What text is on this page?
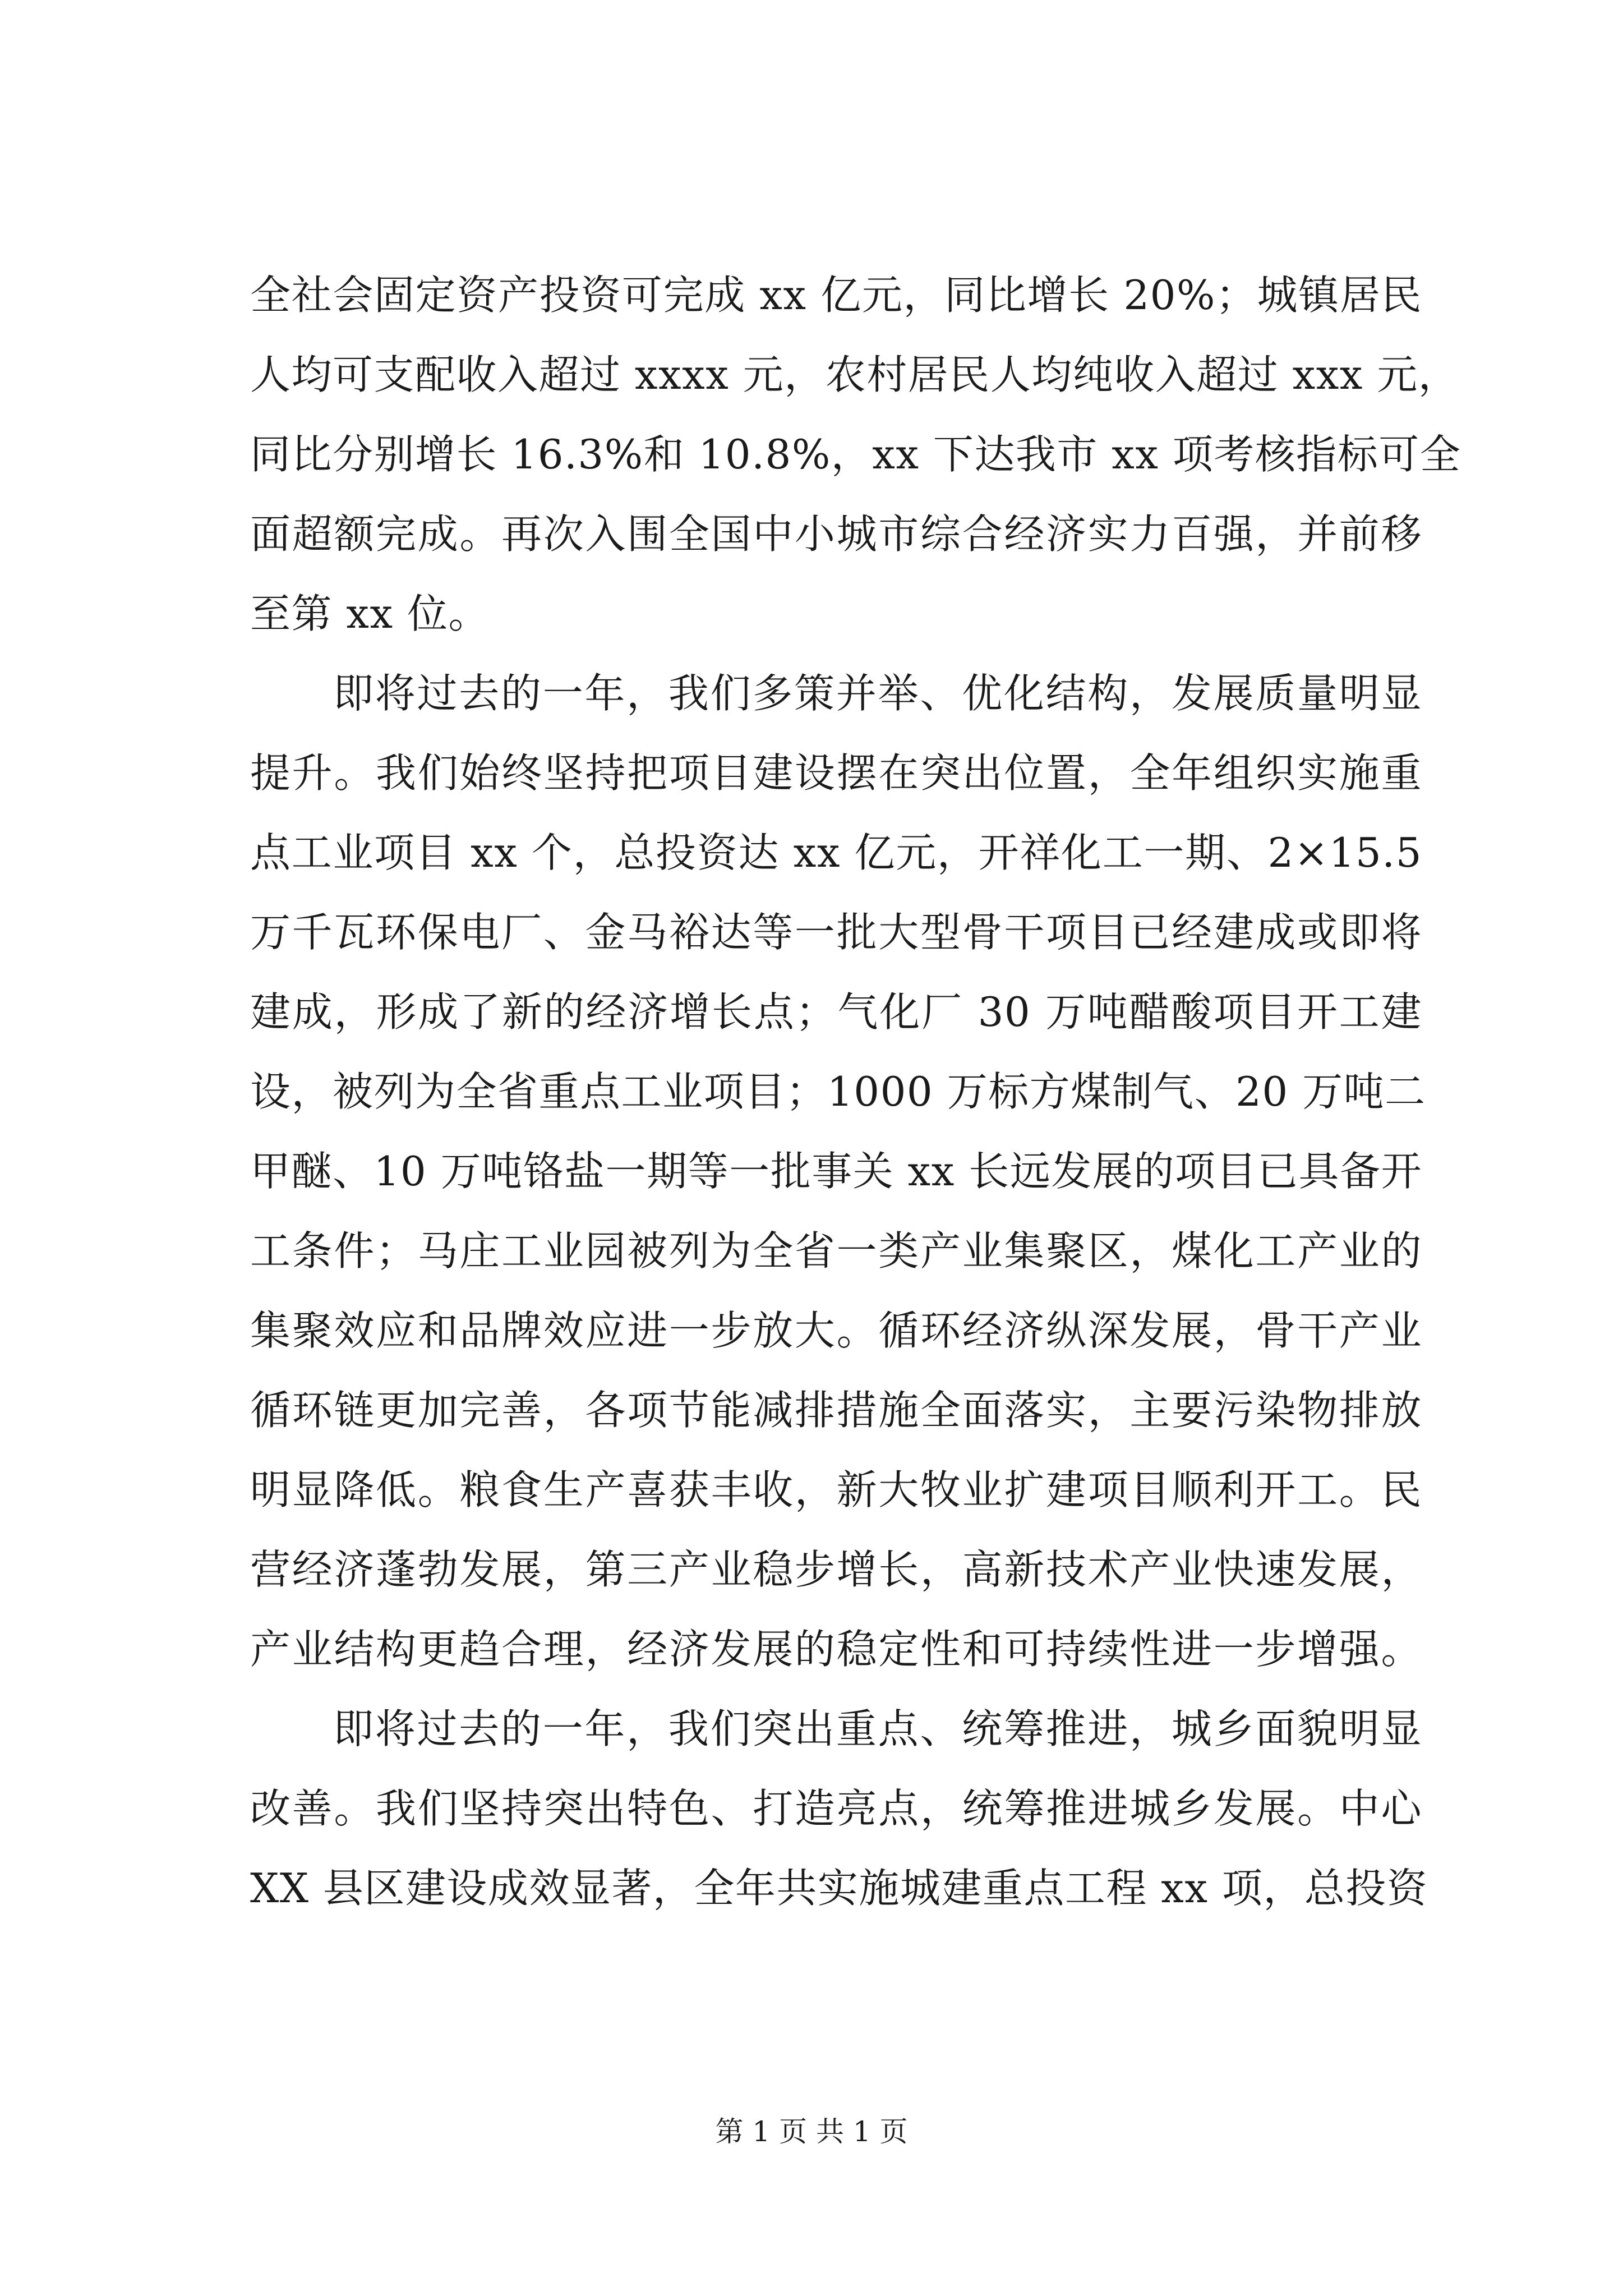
全社会固定资产投资可完成 xx 亿元，同比增长 20%；城镇居民
人均可支配收入超过 xxxx 元，农村居民人均纯收入超过 xxx 元，
同比分别增长 16.3%和 10.8%，xx 下达我市 xx 项考核指标可全
面超额完成。再次入围全国中小城市综合经济实力百强，并前移
至第 xx 位。
即将过去的一年，我们多策并举、优化结构，发展质量明显
提升。我们始终坚持把项目建设摆在突出位置，全年组织实施重
点工业项目 xx 个，总投资达 xx 亿元，开祥化工一期、2×15.5
万千瓦环保电厂、金马裕达等一批大型骨干项目已经建成或即将
建成，形成了新的经济增长点；气化厂 30 万吨醋酸项目开工建
设，被列为全省重点工业项目；1000 万标方煤制气、20 万吨二
甲醚、10 万吨铬盐一期等一批事关 xx 长远发展的项目已具备开
工条件；马庄工业园被列为全省一类产业集聚区，煤化工产业的
集聚效应和品牌效应进一步放大。循环经济纵深发展，骨干产业
循环链更加完善，各项节能减排措施全面落实，主要污染物排放
明显降低。粮食生产喜获丰收，新大牧业扩建项目顺利开工。民
营经济蓬勃发展，第三产业稳步增长，高新技术产业快速发展，
产业结构更趋合理，经济发展的稳定性和可持续性进一步增强。
即将过去的一年，我们突出重点、统筹推进，城乡面貌明显
改善。我们坚持突出特色、打造亮点，统筹推进城乡发展。中心
XX 县区建设成效显著，全年共实施城建重点工程 xx 项，总投资
第 1 页 共 1 页
